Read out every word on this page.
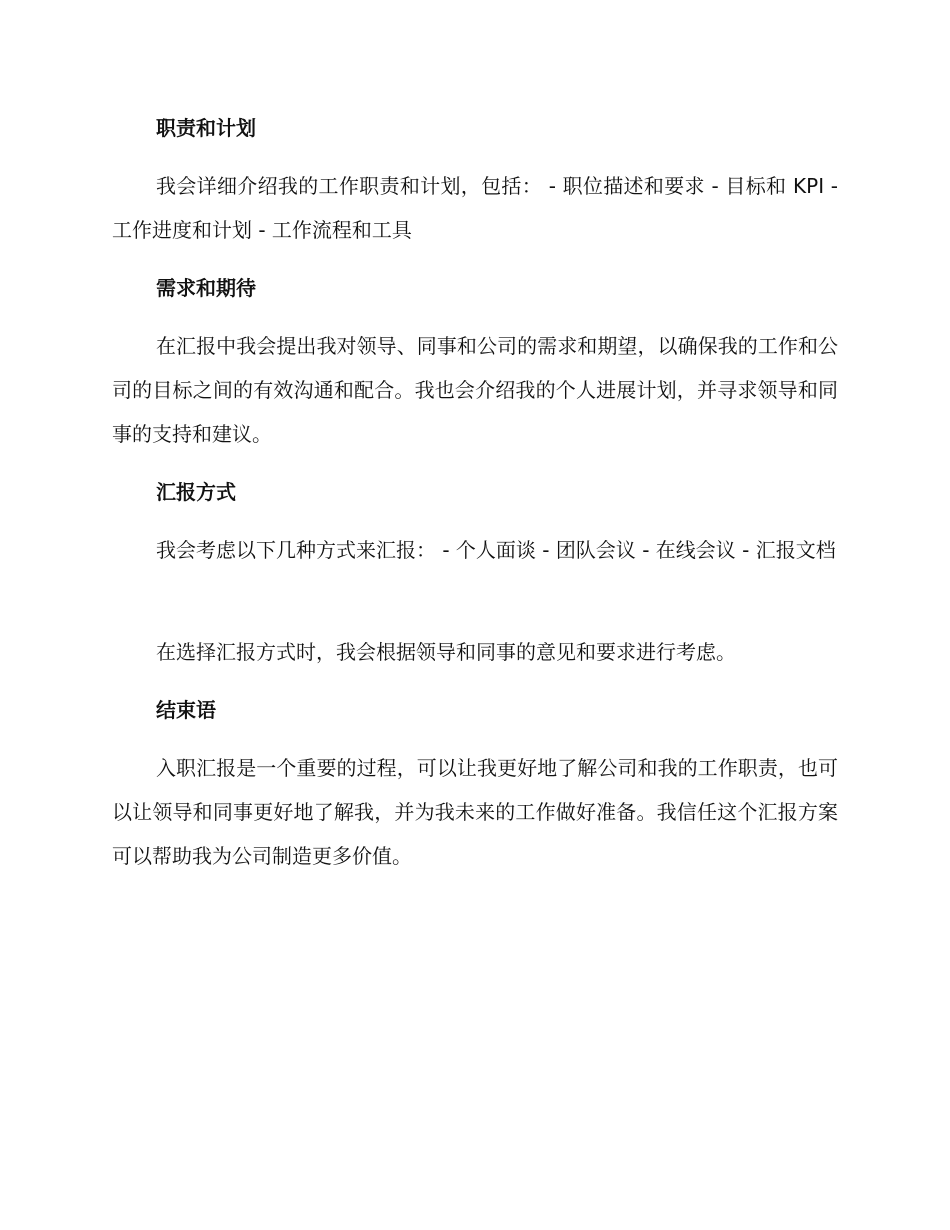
职责和计划

我会详细介绍我的工作职责和计划，包括： - 职位描述和要求 - 目标和 KPI - 工作进度和计划 - 工作流程和工具

需求和期待

在汇报中我会提出我对领导、同事和公司的需求和期望，以确保我的工作和公司的目标之间的有效沟通和配合。我也会介绍我的个人进展计划，并寻求领导和同事的支持和建议。

汇报方式

我会考虑以下几种方式来汇报： - 个人面谈 - 团队会议 - 在线会议 - 汇报文档

在选择汇报方式时，我会根据领导和同事的意见和要求进行考虑。

结束语

入职汇报是一个重要的过程，可以让我更好地了解公司和我的工作职责，也可以让领导和同事更好地了解我，并为我未来的工作做好准备。我信任这个汇报方案可以帮助我为公司制造更多价值。
